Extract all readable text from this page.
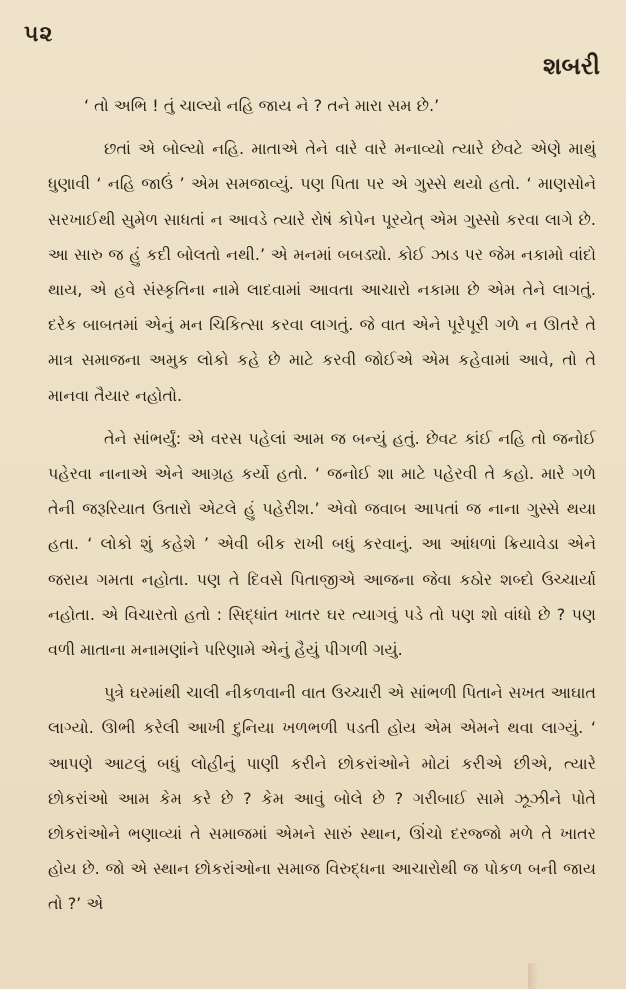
૫૨
શબરી

‘ તો અભિ ! તું ચાલ્યો નહિ જાય ને ? તને મારા સમ છે.’

છતાં એ બોલ્યો નહિ. માતાએ તેને વારે વારે મનાવ્યો ત્યારે છેવટે એણે માથું ધુણાવી ‘ નહિ જાઉં ’ એમ સમજાવ્યું. પણ પિતા પર એ ગુસ્સે થયો હતો. ‘ માણસોને સરખાઈથી સુમેળ સાધતાં ન આવડે ત્યારે રોષં કોપેન પૂરયેત્ એમ ગુસ્સો કરવા લાગે છે. આ સારુ જ હું કદી બોલતો નથી.’ એ મનમાં બબડ્યો. કોઈ ઝાડ પર જેમ નકામો વાંદો થાય, એ હવે સંસ્કૃતિના નામે લાદવામાં આવતા આચારો નકામા છે એમ તેને લાગતું. દરેક બાબતમાં એનું મન ચિકિત્સા કરવા લાગતું. જે વાત એને પૂરેપૂરી ગળે ન ઊતરે તે માત્ર સમાજના અમુક લોકો કહે છે માટે કરવી જોઈએ એમ કહેવામાં આવે, તો તે માનવા તૈયાર નહોતો.

તેને સાંભર્યું: એ વરસ પહેલાં આમ જ બન્યું હતું. છેવટ કાંઈ નહિ તો જનોઈ પહેરવા નાનાએ એને આગ્રહ કર્યો હતો. ‘ જનોઈ શા માટે પહેરવી તે કહો. મારે ગળે તેની જરૂરિયાત ઉતારો એટલે હું પહેરીશ.’ એવો જવાબ આપતાં જ નાના ગુસ્સે થયા હતા. ‘ લોકો શું કહેશે ’ એવી બીક રાખી બધું કરવાનું. આ આંધળાં ક્રિયાવેડા એને જરાય ગમતા નહોતા. પણ તે દિવસે પિતાજીએ આજના જેવા કઠોર શબ્દો ઉચ્ચાર્યા નહોતા. એ વિચારતો હતો : સિદ્ધાંત ખાતર ઘર ત્યાગવું પડે તો પણ શો વાંધો છે ? પણ વળી માતાના મનામણાંને પરિણામે એનું હૈયું પીગળી ગયું.

પુત્રે ઘરમાંથી ચાલી નીકળવાની વાત ઉચ્ચારી એ સાંભળી પિતાને સખત આઘાત લાગ્યો. ઊભી કરેલી આખી દુનિયા ખળભળી પડતી હોય એમ એમને થવા લાગ્યું. ‘ આપણે આટલું બધું લોહીનું પાણી કરીને છોકરાંઓને મોટાં કરીએ છીએ, ત્યારે છોકરાંઓ આમ કેમ કરે છે ? કેમ આવું બોલે છે ? ગરીબાઈ સામે ઝૂઝીને પોતે છોકરાંઓને ભણાવ્યાં તે સમાજમાં એમને સારું સ્થાન, ઊંચો દરજ્જો મળે તે ખાતર હોય છે. જો એ સ્થાન છોકરાંઓના સમાજ વિરુદ્ધના આચારોથી જ પોકળ બની જાય તો ?’ એ
